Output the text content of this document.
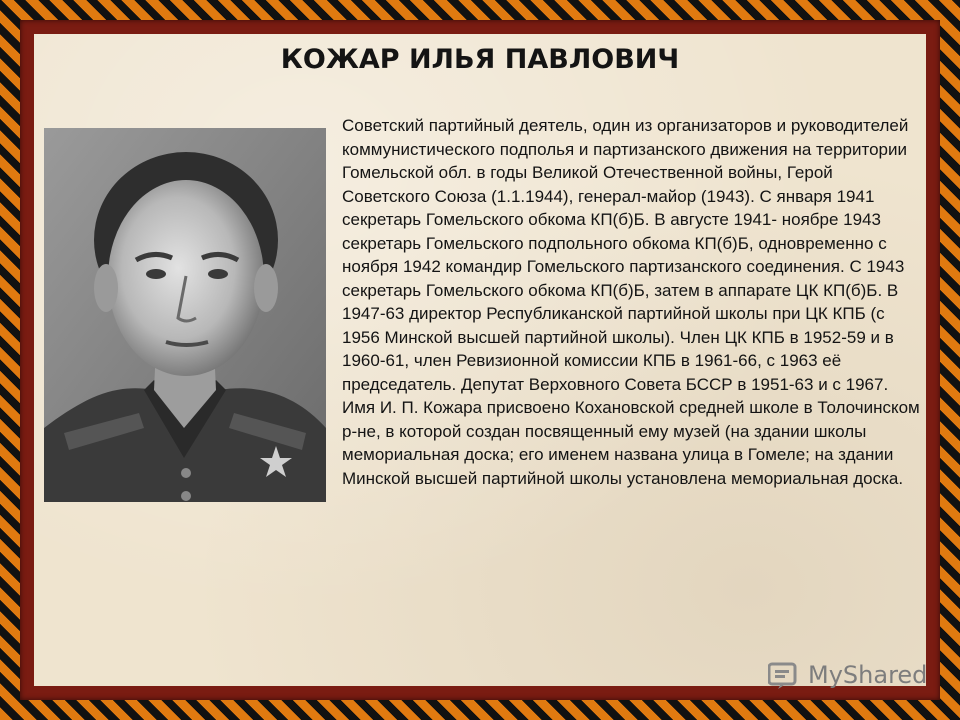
КОЖАР ИЛЬЯ ПАВЛОВИЧ

Советский партийный деятель, один из организаторов и руководителей коммунистического подполья и партизанского движения на территории Гомельской обл. в годы Великой Отечественной войны, Герой Советского Союза (1.1.1944), генерал-майор (1943). С января 1941 секретарь Гомельского обкома КП(б)Б. В августе 1941- ноябре 1943 секретарь Гомельского подпольного обкома КП(б)Б, одновременно с ноября 1942 командир Гомельского партизанского соединения. С 1943 секретарь Гомельского обкома КП(б)Б, затем в аппарате ЦК КП(б)Б. В 1947-63 директор Республиканской партийной школы при ЦК КПБ (с 1956 Минской высшей партийной школы). Член ЦК КПБ в 1952-59 и в 1960-61, член Ревизионной комиссии КПБ в 1961-66, с 1963 её председатель. Депутат Верховного Совета БССР в 1951-63 и с 1967.

Имя И. П. Кожара присвоено Кохановской средней школе в Толочинском р-не, в которой создан посвященный ему музей (на здании школы мемориальная доска; его именем названа улица в Гомеле; на здании Минской высшей партийной школы установлена мемориальная доска.

MyShared
